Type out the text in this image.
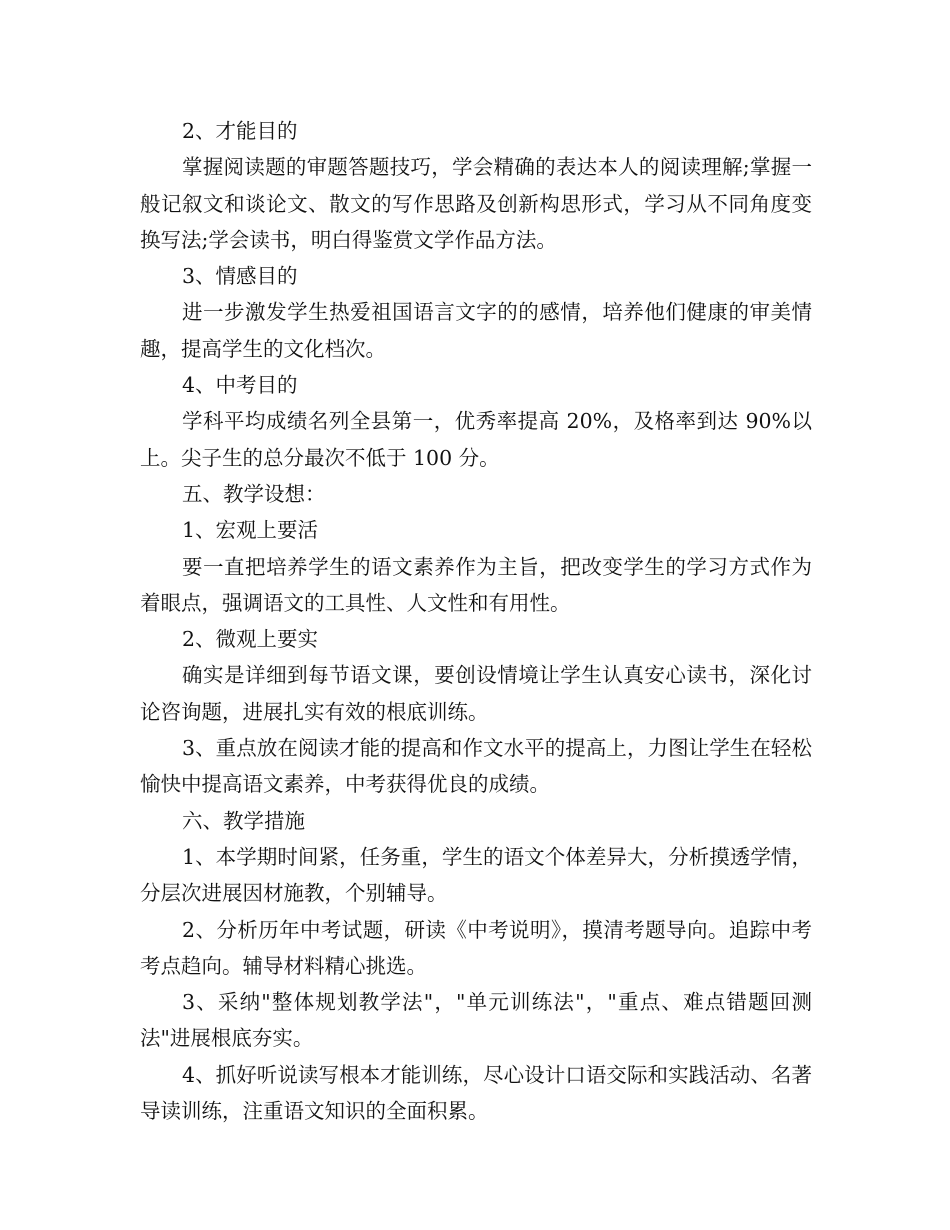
2、才能目的

掌握阅读题的审题答题技巧，学会精确的表达本人的阅读理解;掌握一般记叙文和谈论文、散文的写作思路及创新构思形式，学习从不同角度变换写法;学会读书，明白得鉴赏文学作品方法。

3、情感目的

进一步激发学生热爱祖国语言文字的的感情，培养他们健康的审美情趣，提高学生的文化档次。

4、中考目的

学科平均成绩名列全县第一，优秀率提高 20%，及格率到达 90%以上。尖子生的总分最次不低于 100 分。

五、教学设想：

1、宏观上要活

要一直把培养学生的语文素养作为主旨，把改变学生的学习方式作为着眼点，强调语文的工具性、人文性和有用性。

2、微观上要实

确实是详细到每节语文课，要创设情境让学生认真安心读书，深化讨论咨询题，进展扎实有效的根底训练。

3、重点放在阅读才能的提高和作文水平的提高上，力图让学生在轻松愉快中提高语文素养，中考获得优良的成绩。

六、教学措施

1、本学期时间紧，任务重，学生的语文个体差异大，分析摸透学情，分层次进展因材施教，个别辅导。

2、分析历年中考试题，研读《中考说明》，摸清考题导向。追踪中考考点趋向。辅导材料精心挑选。

3、采纳"整体规划教学法"，"单元训练法"，"重点、难点错题回测法"进展根底夯实。

4、抓好听说读写根本才能训练，尽心设计口语交际和实践活动、名著导读训练，注重语文知识的全面积累。
